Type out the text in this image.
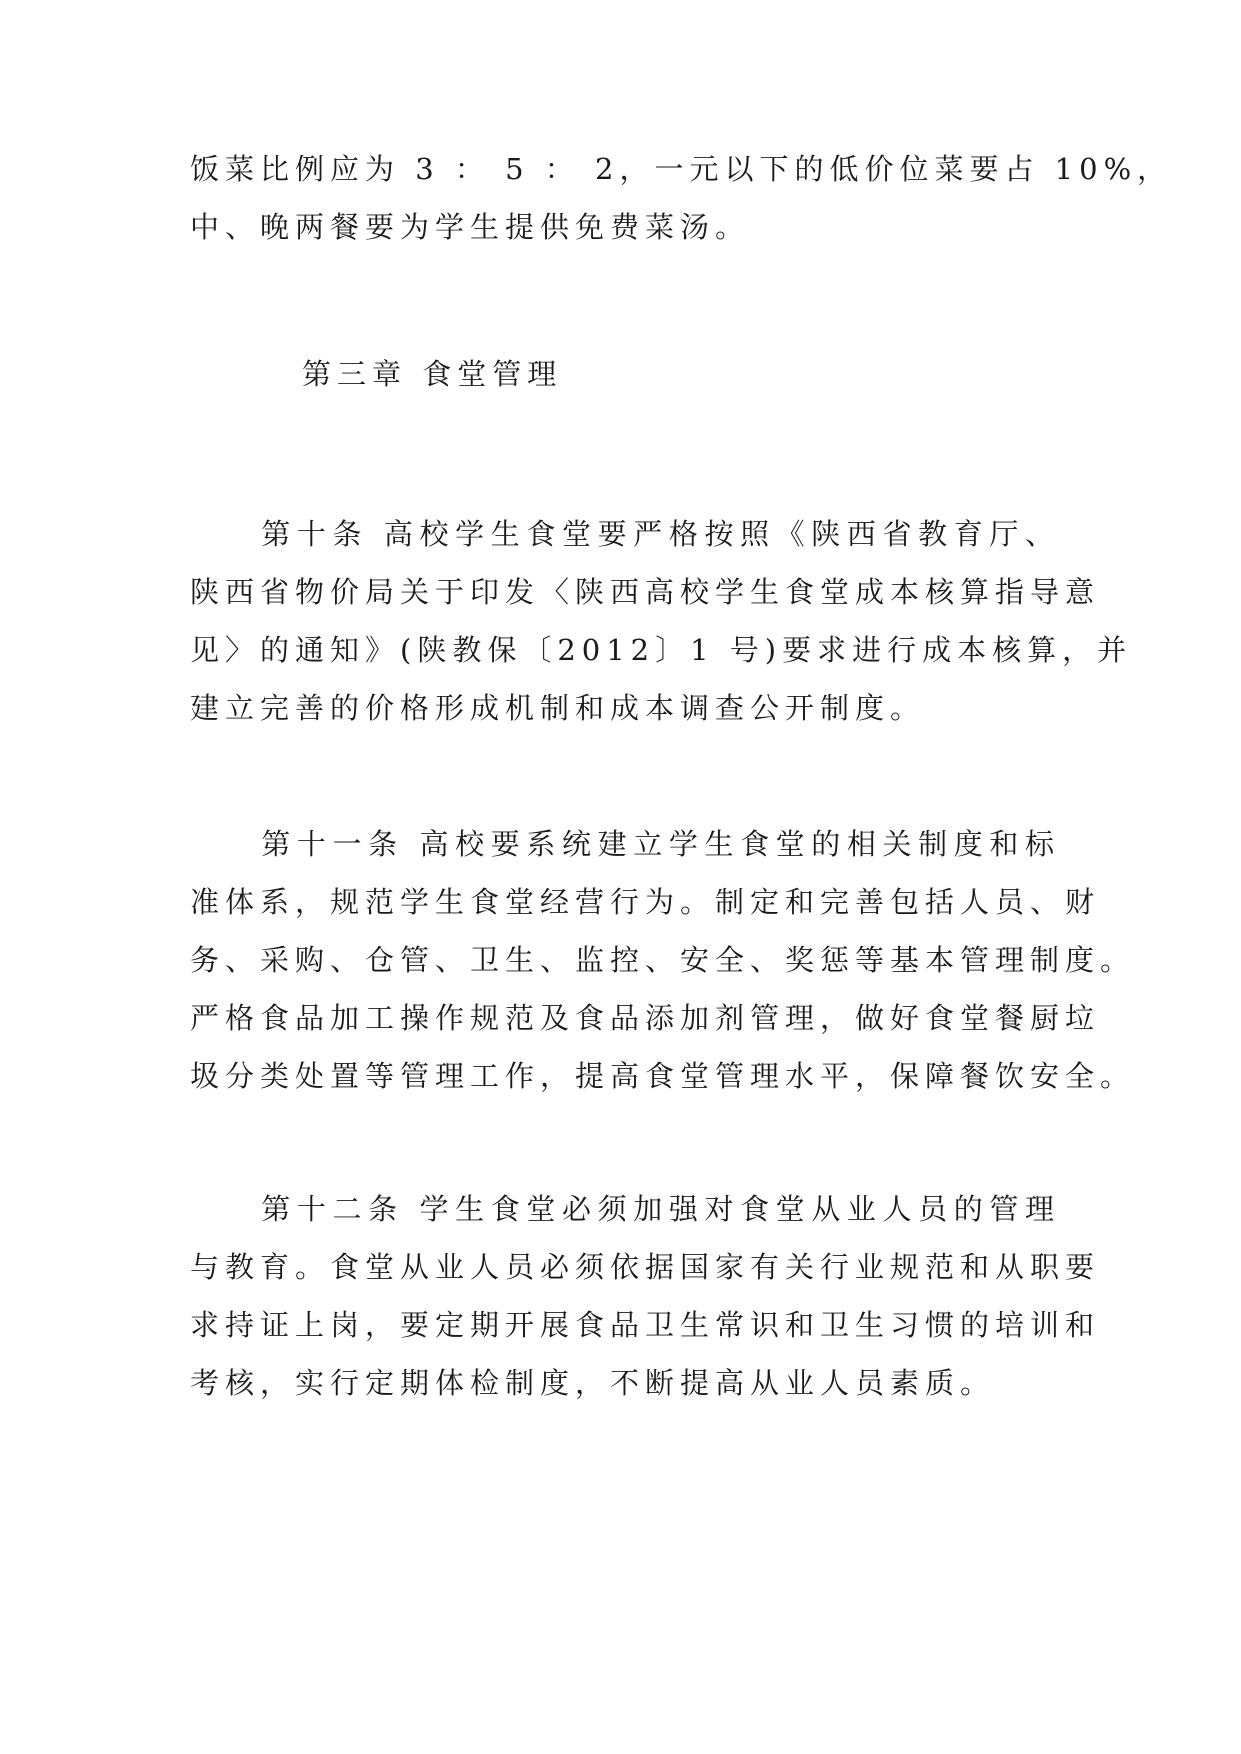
饭菜比例应为 3 ： 5 ： 2，一元以下的低价位菜要占 10%，
中、晚两餐要为学生提供免费菜汤。
第三章 食堂管理
　　第十条 高校学生食堂要严格按照《陕西省教育厅、
陕西省物价局关于印发〈陕西高校学生食堂成本核算指导意
见〉的通知》(陕教保〔2012〕1 号)要求进行成本核算，并
建立完善的价格形成机制和成本调查公开制度。
　　第十一条 高校要系统建立学生食堂的相关制度和标
准体系，规范学生食堂经营行为。制定和完善包括人员、财
务、采购、仓管、卫生、监控、安全、奖惩等基本管理制度。
严格食品加工操作规范及食品添加剂管理，做好食堂餐厨垃
圾分类处置等管理工作，提高食堂管理水平，保障餐饮安全。
　　第十二条 学生食堂必须加强对食堂从业人员的管理
与教育。食堂从业人员必须依据国家有关行业规范和从职要
求持证上岗，要定期开展食品卫生常识和卫生习惯的培训和
考核，实行定期体检制度，不断提高从业人员素质。
